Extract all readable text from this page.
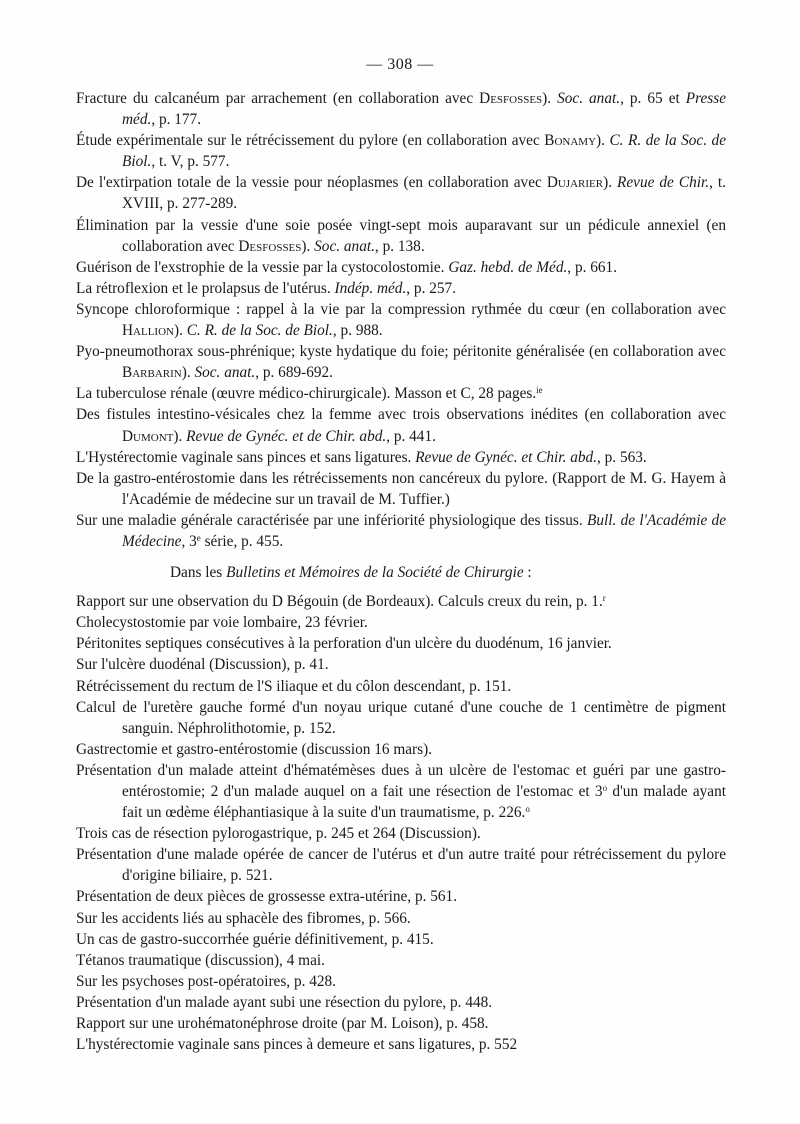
— 308 —
Fracture du calcanéum par arrachement (en collaboration avec Desfosses). Soc. anat., p. 65 et Presse méd., p. 177.
Étude expérimentale sur le rétrécissement du pylore (en collaboration avec Bonamy). C. R. de la Soc. de Biol., t. V, p. 577.
De l'extirpation totale de la vessie pour néoplasmes (en collaboration avec Dujarier). Revue de Chir., t. XVIII, p. 277-289.
Élimination par la vessie d'une soie posée vingt-sept mois auparavant sur un pédicule annexiel (en collaboration avec Desfosses). Soc. anat., p. 138.
Guérison de l'exstrophie de la vessie par la cystocolostomie. Gaz. hebd. de Méd., p. 661.
La rétroflexion et le prolapsus de l'utérus. Indép. méd., p. 257.
Syncope chloroformique : rappel à la vie par la compression rythmée du cœur (en collaboration avec Hallion). C. R. de la Soc. de Biol., p. 988.
Pyo-pneumothorax sous-phrénique; kyste hydatique du foie; péritonite généralisée (en collaboration avec Barbarin). Soc. anat., p. 689-692.
La tuberculose rénale (œuvre médico-chirurgicale). Masson et C, 28 pages.$^{ie}$
Des fistules intestino-vésicales chez la femme avec trois observations inédites (en collaboration avec Dumont). Revue de Gynéc. et de Chir. abd., p. 441.
L'Hystérectomie vaginale sans pinces et sans ligatures. Revue de Gynéc. et Chir. abd., p. 563.
De la gastro-entérostomie dans les rétrécissements non cancéreux du pylore. (Rapport de M. G. Hayem à l'Académie de médecine sur un travail de M. Tuffier.)
Sur une maladie générale caractérisée par une infériorité physiologique des tissus. Bull. de l'Académie de Médecine, 3e série, p. 455.
Dans les Bulletins et Mémoires de la Société de Chirurgie :
Rapport sur une observation du D Bégouin (de Bordeaux). Calculs creux du rein, p. 1.$^r$
Cholecystostomie par voie lombaire, 23 février.
Péritonites septiques consécutives à la perforation d'un ulcère du duodénum, 16 janvier.
Sur l'ulcère duodénal (Discussion), p. 41.
Rétrécissement du rectum de l'S iliaque et du côlon descendant, p. 151.
Calcul de l'uretère gauche formé d'un noyau urique cutané d'une couche de 1 centimètre de pigment sanguin. Néphrolithotomie, p. 152.
Gastrectomie et gastro-entérostomie (discussion 16 mars).
Présentation d'un malade atteint d'hématémèses dues à un ulcère de l'estomac et guéri par une gastro-entérostomie; 2 d'un malade auquel on a fait une résection de l'estomac et 3$^o$ d'un malade ayant fait un œdème éléphantiasique à la suite d'un traumatisme, p. 226.$^o$
Trois cas de résection pylorogastrique, p. 245 et 264 (Discussion).
Présentation d'une malade opérée de cancer de l'utérus et d'un autre traité pour rétrécissement du pylore d'origine biliaire, p. 521.
Présentation de deux pièces de grossesse extra-utérine, p. 561.
Sur les accidents liés au sphacèle des fibromes, p. 566.
Un cas de gastro-succorrhée guérie définitivement, p. 415.
Tétanos traumatique (discussion), 4 mai.
Sur les psychoses post-opératoires, p. 428.
Présentation d'un malade ayant subi une résection du pylore, p. 448.
Rapport sur une urohématonéphrose droite (par M. Loison), p. 458.
L'hystérectomie vaginale sans pinces à demeure et sans ligatures, p. 552
